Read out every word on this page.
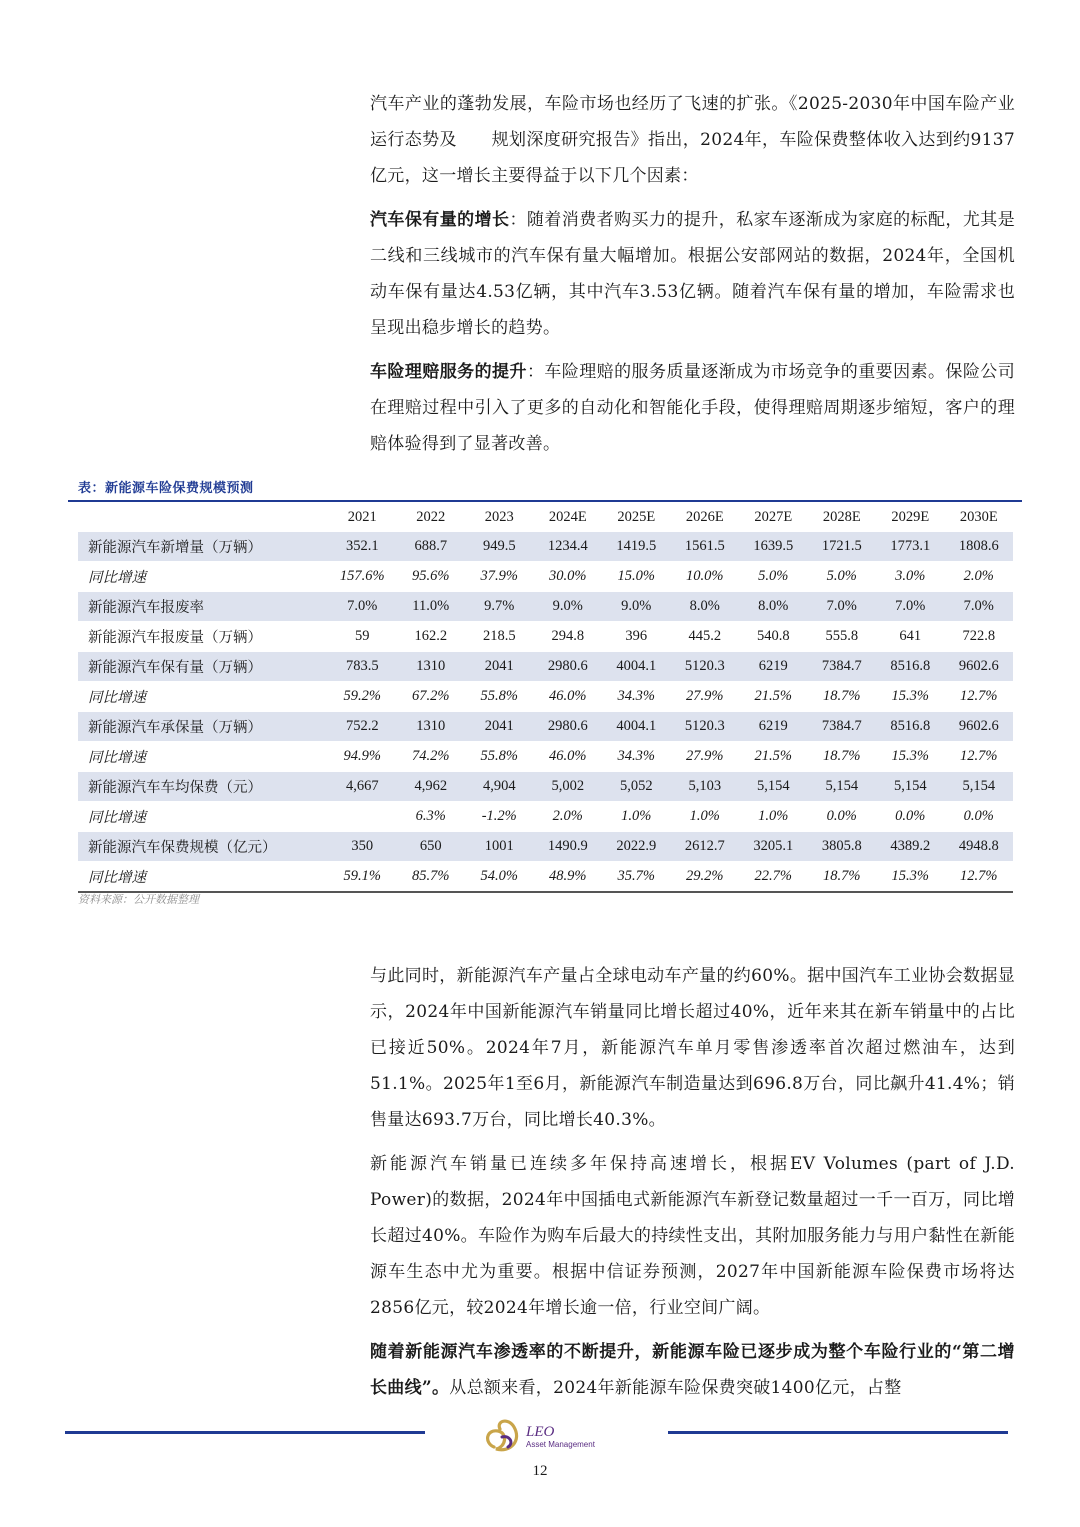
汽车产业的蓬勃发展，车险市场也经历了飞速的扩张。《2025-2030年中国车险产业运行态势及　　规划深度研究报告》指出，2024年，车险保费整体收入达到约9137亿元，这一增长主要得益于以下几个因素：

汽车保有量的增长：随着消费者购买力的提升，私家车逐渐成为家庭的标配，尤其是二线和三线城市的汽车保有量大幅增加。根据公安部网站的数据，2024年，全国机动车保有量达4.53亿辆，其中汽车3.53亿辆。随着汽车保有量的增加，车险需求也呈现出稳步增长的趋势。

车险理赔服务的提升：车险理赔的服务质量逐渐成为市场竞争的重要因素。保险公司在理赔过程中引入了更多的自动化和智能化手段，使得理赔周期逐步缩短，客户的理赔体验得到了显著改善。

表：新能源车险保费规模预测
	2021	2022	2023	2024E	2025E	2026E	2027E	2028E	2029E	2030E
新能源汽车新增量（万辆）	352.1	688.7	949.5	1234.4	1419.5	1561.5	1639.5	1721.5	1773.1	1808.6
同比增速	157.6%	95.6%	37.9%	30.0%	15.0%	10.0%	5.0%	5.0%	3.0%	2.0%
新能源汽车报废率	7.0%	11.0%	9.7%	9.0%	9.0%	8.0%	8.0%	7.0%	7.0%	7.0%
新能源汽车报废量（万辆）	59	162.2	218.5	294.8	396	445.2	540.8	555.8	641	722.8
新能源汽车保有量（万辆）	783.5	1310	2041	2980.6	4004.1	5120.3	6219	7384.7	8516.8	9602.6
同比增速	59.2%	67.2%	55.8%	46.0%	34.3%	27.9%	21.5%	18.7%	15.3%	12.7%
新能源汽车承保量（万辆）	752.2	1310	2041	2980.6	4004.1	5120.3	6219	7384.7	8516.8	9602.6
同比增速	94.9%	74.2%	55.8%	46.0%	34.3%	27.9%	21.5%	18.7%	15.3%	12.7%
新能源汽车车均保费（元）	4,667	4,962	4,904	5,002	5,052	5,103	5,154	5,154	5,154	5,154
同比增速		6.3%	-1.2%	2.0%	1.0%	1.0%	1.0%	0.0%	0.0%	0.0%
新能源汽车保费规模（亿元）	350	650	1001	1490.9	2022.9	2612.7	3205.1	3805.8	4389.2	4948.8
同比增速	59.1%	85.7%	54.0%	48.9%	35.7%	29.2%	22.7%	18.7%	15.3%	12.7%
资料来源：公开数据整理

与此同时，新能源汽车产量占全球电动车产量的约60%。据中国汽车工业协会数据显示，2024年中国新能源汽车销量同比增长超过40%，近年来其在新车销量中的占比已接近50%。2024年7月，新能源汽车单月零售渗透率首次超过燃油车，达到51.1%。2025年1至6月，新能源汽车制造量达到696.8万台，同比飙升41.4%；销售量达693.7万台，同比增长40.3%。

新能源汽车销量已连续多年保持高速增长，根据EV Volumes (part of J.D. Power)的数据，2024年中国插电式新能源汽车新登记数量超过一千一百万，同比增长超过40%。车险作为购车后最大的持续性支出，其附加服务能力与用户黏性在新能源车生态中尤为重要。根据中信证券预测，2027年中国新能源车险保费市场将达2856亿元，较2024年增长逾一倍，行业空间广阔。

随着新能源汽车渗透率的不断提升，新能源车险已逐步成为整个车险行业的“第二增长曲线”。从总额来看，2024年新能源车险保费突破1400亿元，占整

LEO
Asset Management
12
